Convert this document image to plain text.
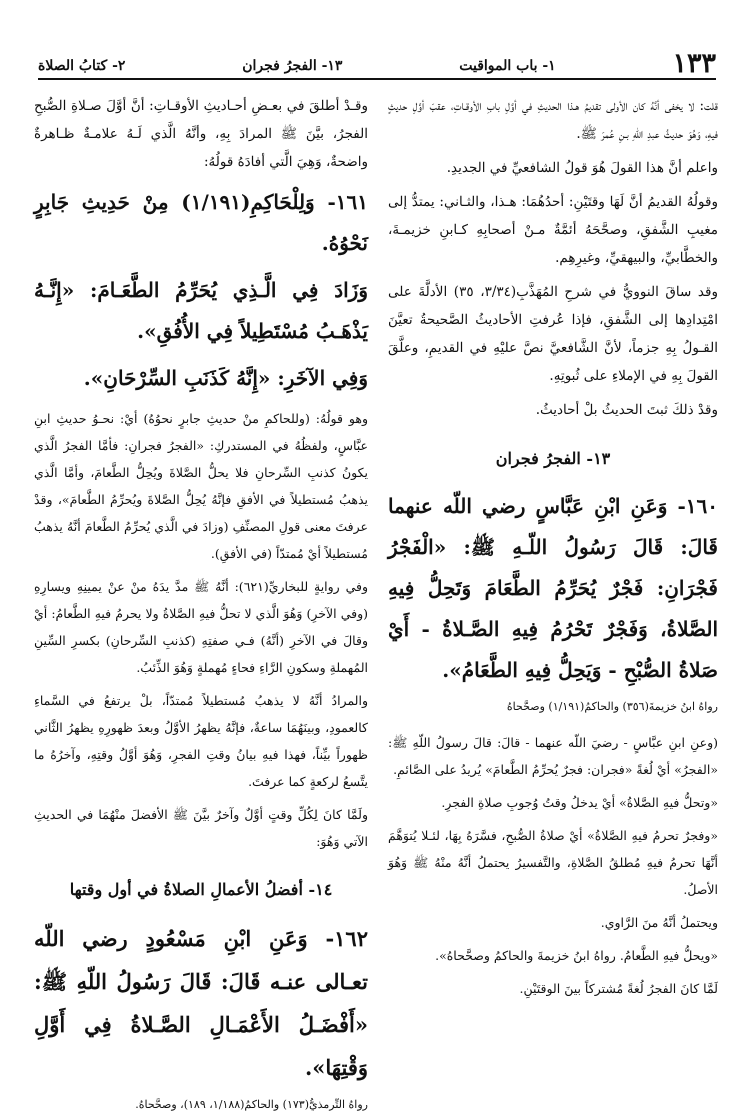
١٣٣
١- باب المواقيت
١٣- الفجرُ فجران
٢- كتابُ الصلاة

قلت: لا يخفى أنَّهُ كان الأولى تقديمُ هـذا الحديثِ في أوَّلِ بابِ الأوقـاتِ، عقبَ أوَّلِ حديثٍ فيهِ، وَهُوَ حديثُ عبدِ اللهِ بـنِ عُمرَ ﷺ.

واعلم أنَّ هذا القولَ هُوَ قولُ الشافعيِّ في الجديدِ.

وقولُهُ القديمُ أنَّ لَهَا وقتَيْنِ: أحدُهُمَا: هـذا، والثـاني: يمتدُّ إلى مغيبِ الشَّفقِ، وصحَّحَهُ أئمَّةٌ مـنْ أصحابِهِ كـابنِ خزيمـةَ، والخطَّابيِّ، والبيهقيِّ، وغيرِهِم.

وقد ساقَ النوويُّ في شرحِ المُهَذَّبِ(٣/٣٤، ٣٥) الأدلَّةَ على امْتِدادِها إلى الشَّفقِ، فإذا عُرفتِ الأحاديثُ الصَّحيحةُ تعيَّنَ القـولُ بِهِ جزماً، لأنَّ الشَّافعيَّ نصَّ عليْهِ في القديمِ، وعلَّقَ القولَ بِهِ في الإملاءِ على ثُبوتِهِ.

وقدْ ذلكَ ثبتَ الحديثُ بلْ أحاديثُ.

١٣- الفجرُ فجران
١٦٠- وَعَنِ ابْنِ عَبَّاسٍ رضي اللّه عنهما قَالَ: قَالَ رَسُولُ اللّـهِ ﷺ: «الْفَجْرُ فَجْرَانِ: فَجْرٌ يُحَرِّمُ الطَّعَامَ وَتَحِلُّ فِيهِ الصَّلاةُ، وَفَجْرٌ تَحْرُمُ فِيهِ الصَّـلاةُ - أَيْ صَلاةُ الصُّبْحِ - وَيَحِلُّ فِيهِ الطَّعَامُ».
رواهُ ابنُ خزيمةَ(٣٥٦) والحاكمُ(١/١٩١) وصحَّحاهُ

(وعنِ ابنِ عبَّاسٍ - رضيَ اللّه عنهما - قالَ: قالَ رسولُ اللّهِ ﷺ: «الفجرُ» أيْ لُغةً «فجران: فجرٌ يُحرِّمُ الطَّعامَ» يُريدُ على الصَّائمِ.

«وتحلُّ فيهِ الصَّلاةُ» أيْ يدخلُ وقتُ وُجوبِ صلاةِ الفجرِ.

«وفجرٌ تحرمُ فيهِ الصَّلاةُ» أيْ صلاةُ الصُّبحِ، فسَّرَهُ بِهَا، لئـلا يُتوَهَّمَ أنَّهَا تحرمُ فيهِ مُطلقُ الصَّلاةِ، والتَّفسيرُ يحتملُ أنَّهُ منْهُ ﷺ وَهُوَ الأصلُ.

ويحتملُ أنَّهُ منَ الرَّاوي.

«ويحلُّ فيهِ الطَّعامُ. رواهُ ابنُ خزيمةَ والحاكمُ وصحَّحاهُ».

لَمَّا كانَ الفجرُ لُغةً مُشتركاً بينَ الوقتَيْنِ.

وقـدْ أطلقَ في بعـضِ أحـاديثِ الأوقـاتِ: أنَّ أوَّلَ صـلاةِ الصُّبحِ الفجرُ، بيَّنَ ﷺ المرادَ بِهِ، وأنَّهُ الَّذي لَـهُ علامـةٌ ظـاهرةٌ واضحةٌ، وَهِيَ الَّتي أفادَهُ قولُهُ:

١٦١- وَلِلْحَاكِمِ(١/١٩١) مِنْ حَدِيثِ جَابِرٍ نَحْوُهُ.
وَزَادَ فِي الَّـذِي يُحَرِّمُ الطَّعَـامَ: «إِنَّـهُ يَذْهَـبُ مُسْتَطِيلاً فِي الأُفُقِ».
وَفِي الآخَرِ: «إِنَّهُ كَذَنَبِ السِّرْحَانِ».

وهو قولُهُ: (وللحاكمِ منْ حديثِ جابرٍ نحوُهُ) أيْ: نحـوُ حديثِ ابنِ عبَّاسٍ، ولفظُهُ في المستدركِ: «الفجرُ فجرانِ: فأمَّا الفجرُ الَّذي يكونُ كذنبِ السِّرحانِ فلا يحلُّ الصَّلاةَ ويُحِلُّ الطَّعامَ، وأمَّا الَّذي يذهبُ مُستطيلاً في الأفقِ فإنَّهُ يُحِلُّ الصَّلاةَ ويُحرِّمُ الطَّعامَ»، وقدْ عرفتَ معنى قولِ المصنِّفِ (وزادَ في الَّذي يُحرِّمُ الطَّعامَ أنَّهُ يذهبُ مُستطيلاً أيْ مُمتدّاً (في الأفقِ).

وفي روايةٍ للبخاريِّ(٦٢١): أنَّهُ ﷺ مدَّ يدَهُ منْ عنْ يمينِهِ ويسارِهِ (وفي الآخرِ) وَهُوَ الَّذي لا تحلُّ فيهِ الصَّلاةُ ولا يحرمُ فيهِ الطَّعامُ: أيْ وقالَ في الآخرِ (أنَّهُ) فـي صفتِهِ (كذنبِ السِّرحانِ) بكسرِ السِّينِ المُهملةِ وسكونِ الرَّاءِ فحاءٍ مُهملةٍ وَهُوَ الذِّئبُ.

والمرادُ أنَّهُ لا يذهبُ مُستطيلاً مُمتدّاً، بلْ يرتفعُ في السَّماءِ كالعمودِ، وبينَهُمَا ساعةٌ، فإنَّهُ يظهرُ الأوَّلُ وبعدَ ظهورِهِ يظهرُ الثَّاني ظهوراً بيِّناً، فهذا فيهِ بيانُ وقتِ الفجرِ، وَهُوَ أوَّلُ وقتِهِ، وآخرُهُ ما يتَّسعُ لركعةٍ كما عرفتَ.

ولَمَّا كانَ لِكُلِّ وقتٍ أوَّلٌ وآخرٌ بيَّنَ ﷺ الأفضلَ منْهُمَا في الحديثِ الآتي وَهُوَ:

١٤- أفضلُ الأعمالِ الصلاةُ في أول وقتها
١٦٢- وَعَنِ ابْنِ مَسْعُودٍ رضي اللّه تعـالى عنـه قَالَ: قَالَ رَسُولُ اللّهِ ﷺ: «أَفْضَـلُ الأَعْمَـالِ الصَّـلاةُ فِي أَوَّلِ وَقْتِهَا».
رواهُ التِّرمذيُّ(١٧٣) والحاكمُ(١/١٨٨، ١٨٩)، وصحَّحاهُ.
